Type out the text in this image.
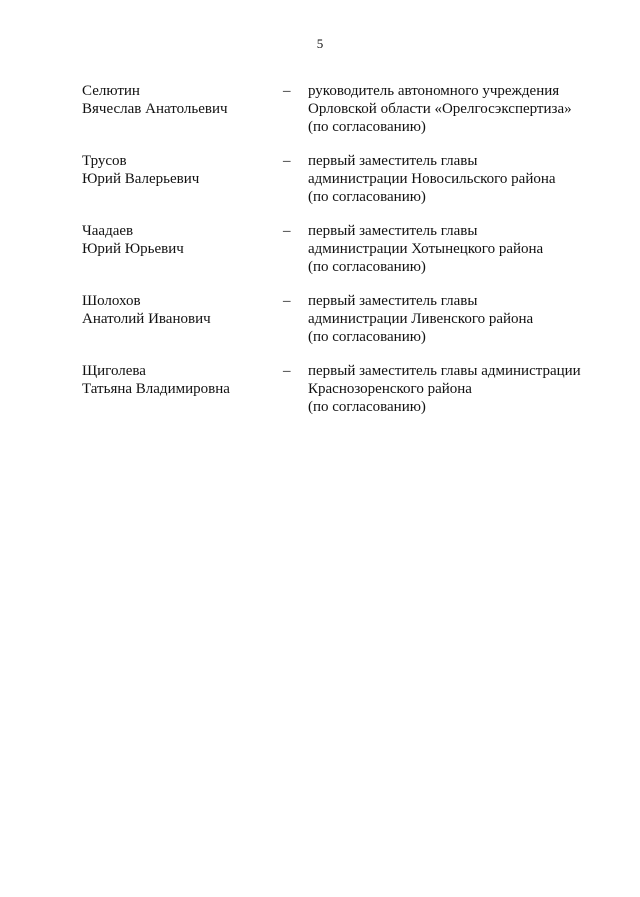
5
Селютин
Вячеслав Анатольевич
–	руководитель автономного учреждения
Орловской области «Орелгосэкспертиза»
(по согласованию)
Трусов
Юрий Валерьевич
–	первый заместитель главы
администрации Новосильского района
(по согласованию)
Чаадаев
Юрий Юрьевич
–	первый заместитель главы
администрации Хотынецкого района
(по согласованию)
Шолохов
Анатолий Иванович
–	первый заместитель главы
администрации Ливенского района
(по согласованию)
Щиголева
Татьяна Владимировна
–	первый заместитель главы администрации
Краснозоренского района
(по согласованию)
